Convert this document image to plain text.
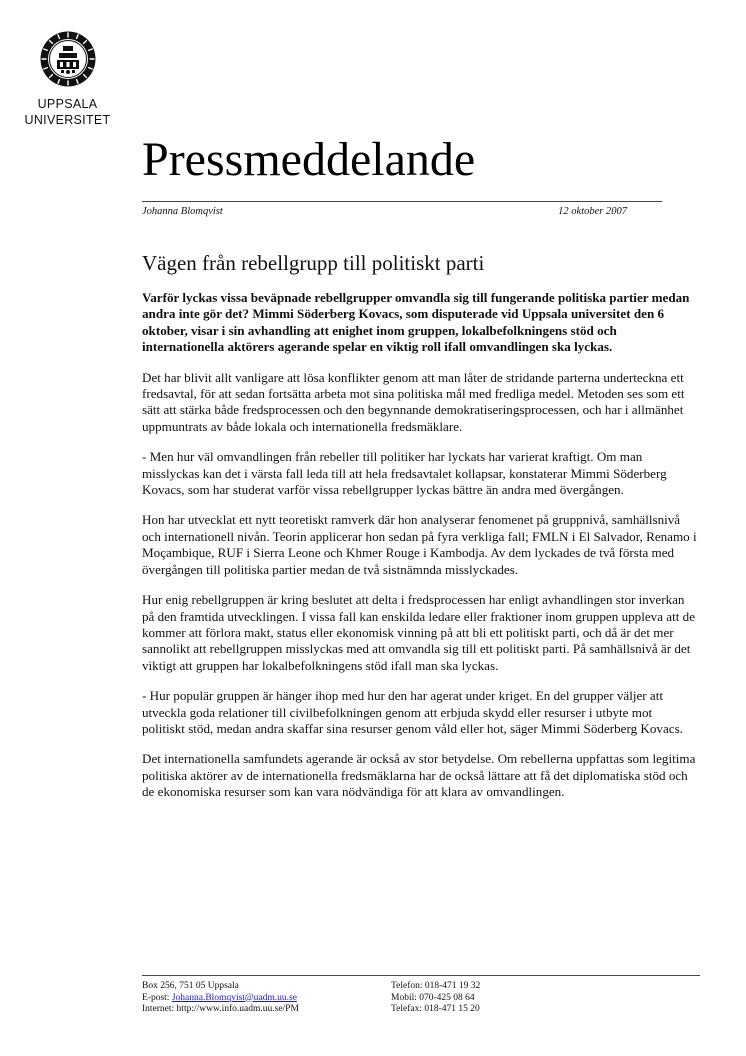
UPPSALA
UNIVERSITET
Pressmeddelande
Johanna Blomqvist	12 oktober 2007
Vägen från rebellgrupp till politiskt parti

Varför lyckas vissa beväpnade rebellgrupper omvandla sig till fungerande politiska partier medan andra inte gör det? Mimmi Söderberg Kovacs, som disputerade vid Uppsala universitet den 6 oktober, visar i sin avhandling att enighet inom gruppen, lokalbefolkningens stöd och internationella aktörers agerande spelar en viktig roll ifall omvandlingen ska lyckas.

Det har blivit allt vanligare att lösa konflikter genom att man låter de stridande parterna underteckna ett fredsavtal, för att sedan fortsätta arbeta mot sina politiska mål med fredliga medel. Metoden ses som ett sätt att stärka både fredsprocessen och den begynnande demokratiseringsprocessen, och har i allmänhet uppmuntrats av både lokala och internationella fredsmäklare.

- Men hur väl omvandlingen från rebeller till politiker har lyckats har varierat kraftigt. Om man misslyckas kan det i värsta fall leda till att hela fredsavtalet kollapsar, konstaterar Mimmi Söderberg Kovacs, som har studerat varför vissa rebellgrupper lyckas bättre än andra med övergången.

Hon har utvecklat ett nytt teoretiskt ramverk där hon analyserar fenomenet på gruppnivå, samhällsnivå och internationell nivån. Teorin applicerar hon sedan på fyra verkliga fall; FMLN i El Salvador, Renamo i Moçambique, RUF i Sierra Leone och Khmer Rouge i Kambodja. Av dem lyckades de två första med övergången till politiska partier medan de två sistnämnda misslyckades.

Hur enig rebellgruppen är kring beslutet att delta i fredsprocessen har enligt avhandlingen stor inverkan på den framtida utvecklingen. I vissa fall kan enskilda ledare eller fraktioner inom gruppen uppleva att de kommer att förlora makt, status eller ekonomisk vinning på att bli ett politiskt parti, och då är det mer sannolikt att rebellgruppen misslyckas med att omvandla sig till ett politiskt parti. På samhällsnivå är det viktigt att gruppen har lokalbefolkningens stöd ifall man ska lyckas.

- Hur populär gruppen är hänger ihop med hur den har agerat under kriget. En del grupper väljer att utveckla goda relationer till civilbefolkningen genom att erbjuda skydd eller resurser i utbyte mot politiskt stöd, medan andra skaffar sina resurser genom våld eller hot, säger Mimmi Söderberg Kovacs.

Det internationella samfundets agerande är också av stor betydelse. Om rebellerna uppfattas som legitima politiska aktörer av de internationella fredsmäklarna har de också lättare att få det diplomatiska stöd och de ekonomiska resurser som kan vara nödvändiga för att klara av omvandlingen.

Box 256, 751 05 Uppsala
E-post: Johanna.Blomqvist@uadm.uu.se
Internet: http://www.info.uadm.uu.se/PM
Telefon: 018-471 19 32
Mobil: 070-425 08 64
Telefax: 018-471 15 20
